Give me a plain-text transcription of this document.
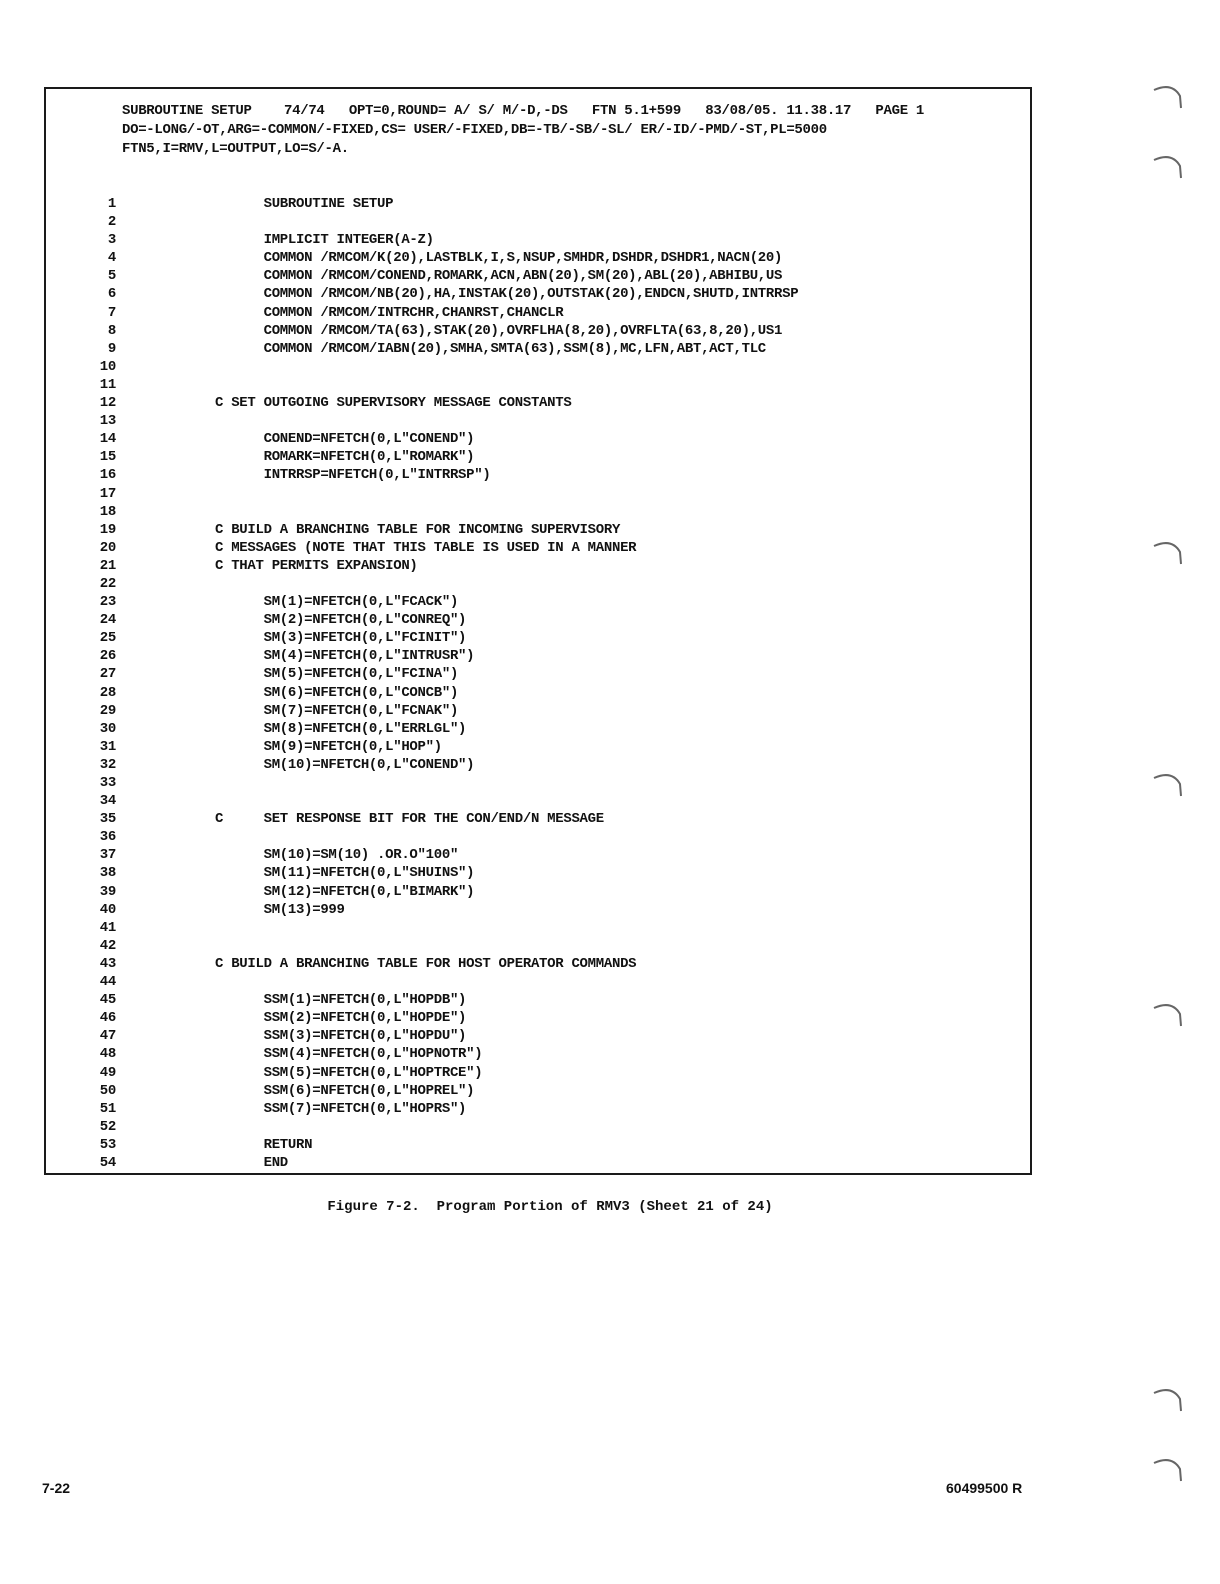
SUBROUTINE SETUP    74/74   OPT=0,ROUND= A/ S/ M/-D,-DS   FTN 5.1+599   83/08/05. 11.38.17   PAGE 1
DO=-LONG/-OT,ARG=-COMMON/-FIXED,CS= USER/-FIXED,DB=-TB/-SB/-SL/ ER/-ID/-PMD/-ST,PL=5000
FTN5,I=RMV,L=OUTPUT,LO=S/-A.
1	SUBROUTINE SETUP
2
3	IMPLICIT INTEGER(A-Z)
4	COMMON /RMCOM/K(20),LASTBLK,I,S,NSUP,SMHDR,DSHDR,DSHDR1,NACN(20)
5	COMMON /RMCOM/CONEND,ROMARK,ACN,ABN(20),SM(20),ABL(20),ABHIBU,US
6	COMMON /RMCOM/NB(20),HA,INSTAK(20),OUTSTAK(20),ENDCN,SHUTD,INTRRSP
7	COMMON /RMCOM/INTRCHR,CHANRST,CHANCLR
8	COMMON /RMCOM/TA(63),STAK(20),OVRFLHA(8,20),OVRFLTA(63,8,20),US1
9	COMMON /RMCOM/IABN(20),SMHA,SMTA(63),SSM(8),MC,LFN,ABT,ACT,TLC
10
11
12	C SET OUTGOING SUPERVISORY MESSAGE CONSTANTS
13
14	CONEND=NFETCH(0,L"CONEND")
15	ROMARK=NFETCH(0,L"ROMARK")
16	INTRRSP=NFETCH(0,L"INTRRSP")
17
18
19	C BUILD A BRANCHING TABLE FOR INCOMING SUPERVISORY
20	C MESSAGES (NOTE THAT THIS TABLE IS USED IN A MANNER
21	C THAT PERMITS EXPANSION)
22
23	SM(1)=NFETCH(0,L"FCACK")
24	SM(2)=NFETCH(0,L"CONREQ")
25	SM(3)=NFETCH(0,L"FCINIT")
26	SM(4)=NFETCH(0,L"INTRUSR")
27	SM(5)=NFETCH(0,L"FCINA")
28	SM(6)=NFETCH(0,L"CONCB")
29	SM(7)=NFETCH(0,L"FCNAK")
30	SM(8)=NFETCH(0,L"ERRLGL")
31	SM(9)=NFETCH(0,L"HOP")
32	SM(10)=NFETCH(0,L"CONEND")
33
34
35	C     SET RESPONSE BIT FOR THE CON/END/N MESSAGE
36
37	SM(10)=SM(10) .OR.O"100"
38	SM(11)=NFETCH(0,L"SHUINS")
39	SM(12)=NFETCH(0,L"BIMARK")
40	SM(13)=999
41
42
43	C BUILD A BRANCHING TABLE FOR HOST OPERATOR COMMANDS
44
45	SSM(1)=NFETCH(0,L"HOPDB")
46	SSM(2)=NFETCH(0,L"HOPDE")
47	SSM(3)=NFETCH(0,L"HOPDU")
48	SSM(4)=NFETCH(0,L"HOPNOTR")
49	SSM(5)=NFETCH(0,L"HOPTRCE")
50	SSM(6)=NFETCH(0,L"HOPREL")
51	SSM(7)=NFETCH(0,L"HOPRS")
52
53	RETURN
54	END
Figure 7-2.  Program Portion of RMV3 (Sheet 21 of 24)
7-22	60499500 R
